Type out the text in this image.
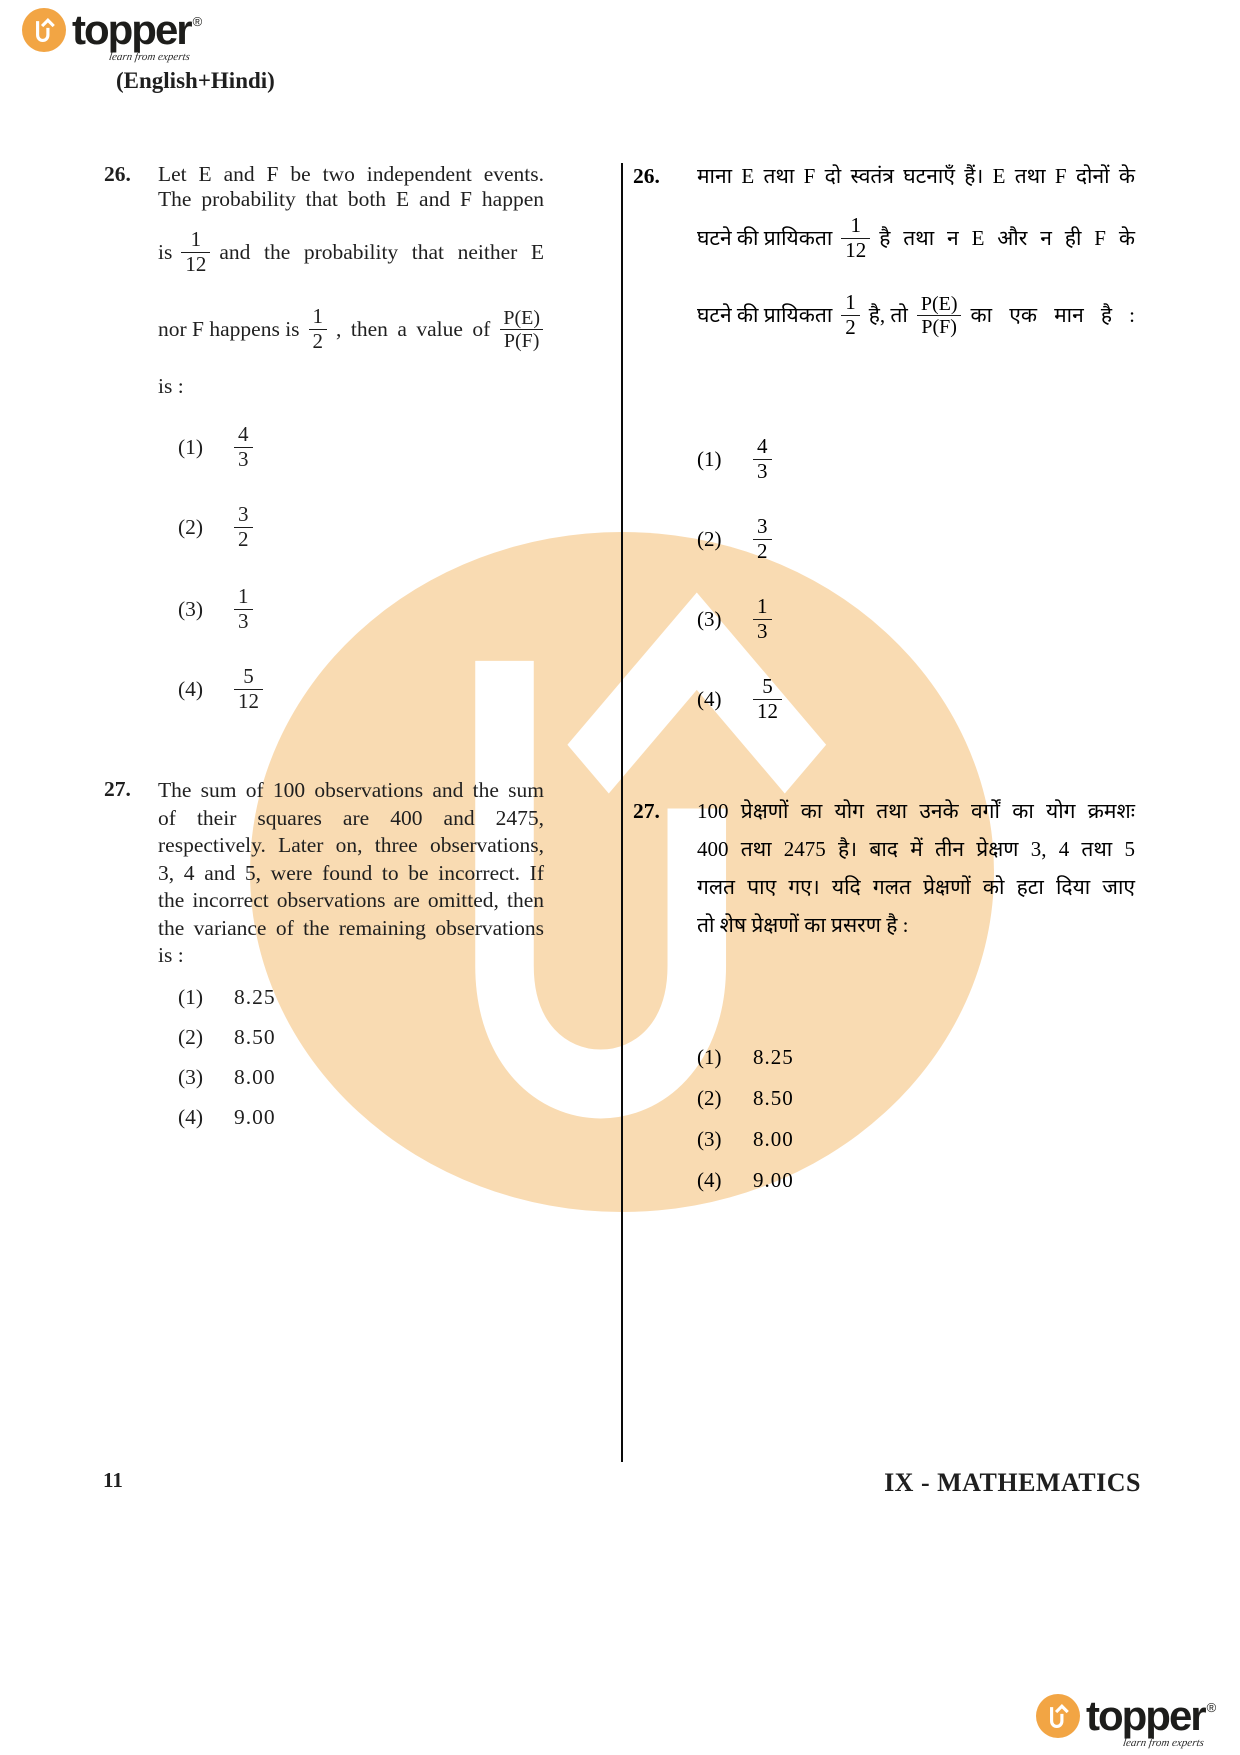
topper ®
learn from experts
(English+Hindi)
26. Let E and F be two independent events.
The probability that both E and F happen
is $\frac{1}{12}$ and the probability that neither E
nor F happens is $\frac{1}{2}$ , then a value of $\frac{P(E)}{P(F)}$
is :
(1)	$\frac{4}{3}$
(2)	$\frac{3}{2}$
(3)	$\frac{1}{3}$
(4)	$\frac{5}{12}$
27. The sum of 100 observations and the sum
of their squares are 400 and 2475,
respectively. Later on, three observations,
3, 4 and 5, were found to be incorrect. If
the incorrect observations are omitted, then
the variance of the remaining observations
is :
(1)	8.25
(2)	8.50
(3)	8.00
(4)	9.00
26. माना E तथा F दो स्वतंत्र घटनाएँ हैं। E तथा F दोनों के
घटने की प्रायिकता $\frac{1}{12}$ है तथा न E और न ही F के
घटने की प्रायिकता $\frac{1}{2}$ है, तो $\frac{P(E)}{P(F)}$ का एक मान है :
(1)	$\frac{4}{3}$
(2)	$\frac{3}{2}$
(3)	$\frac{1}{3}$
(4)	$\frac{5}{12}$
27. 100 प्रेक्षणों का योग तथा उनके वर्गों का योग क्रमशः
400 तथा 2475 है। बाद में तीन प्रेक्षण 3, 4 तथा 5
गलत पाए गए। यदि गलत प्रेक्षणों को हटा दिया जाए
तो शेष प्रेक्षणों का प्रसरण है :
(1)	8.25
(2)	8.50
(3)	8.00
(4)	9.00
11	IX - MATHEMATICS
topper ®
learn from experts
